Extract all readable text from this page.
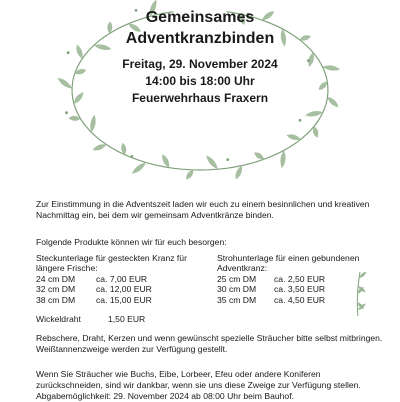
Gemeinsames
Adventkranzbinden
Freitag, 29. November 2024
14:00 bis 18:00 Uhr
Feuerwehrhaus Fraxern
Zur Einstimmung in die Adventszeit laden wir euch zu einem besinnlichen und kreativen
Nachmittag ein, bei dem wir gemeinsam Adventkränze binden.
Folgende Produkte können wir für euch besorgen:
Steckunterlage für gesteckten Kranz für
längere Frische:
24 cm DM ca. 7,00 EUR
32 cm DM ca. 12,00 EUR
38 cm DM ca. 15,00 EUR
Strohunterlage für einen gebundenen
Adventkranz:
25 cm DM ca. 2,50 EUR
30 cm DM ca. 3,50 EUR
35 cm DM ca. 4,50 EUR
Wickeldraht	1,50 EUR
Rebschere, Draht, Kerzen und wenn gewünscht spezielle Sträucher bitte selbst mitbringen.
Weißtannenzweige werden zur Verfügung gestellt.
Wenn Sie Sträucher wie Buchs, Eibe, Lorbeer, Efeu oder andere Koniferen
zurückschneiden, sind wir dankbar, wenn sie uns diese Zweige zur Verfügung stellen.
Abgabemöglichkeit: 29. November 2024 ab 08:00 Uhr beim Bauhof.
